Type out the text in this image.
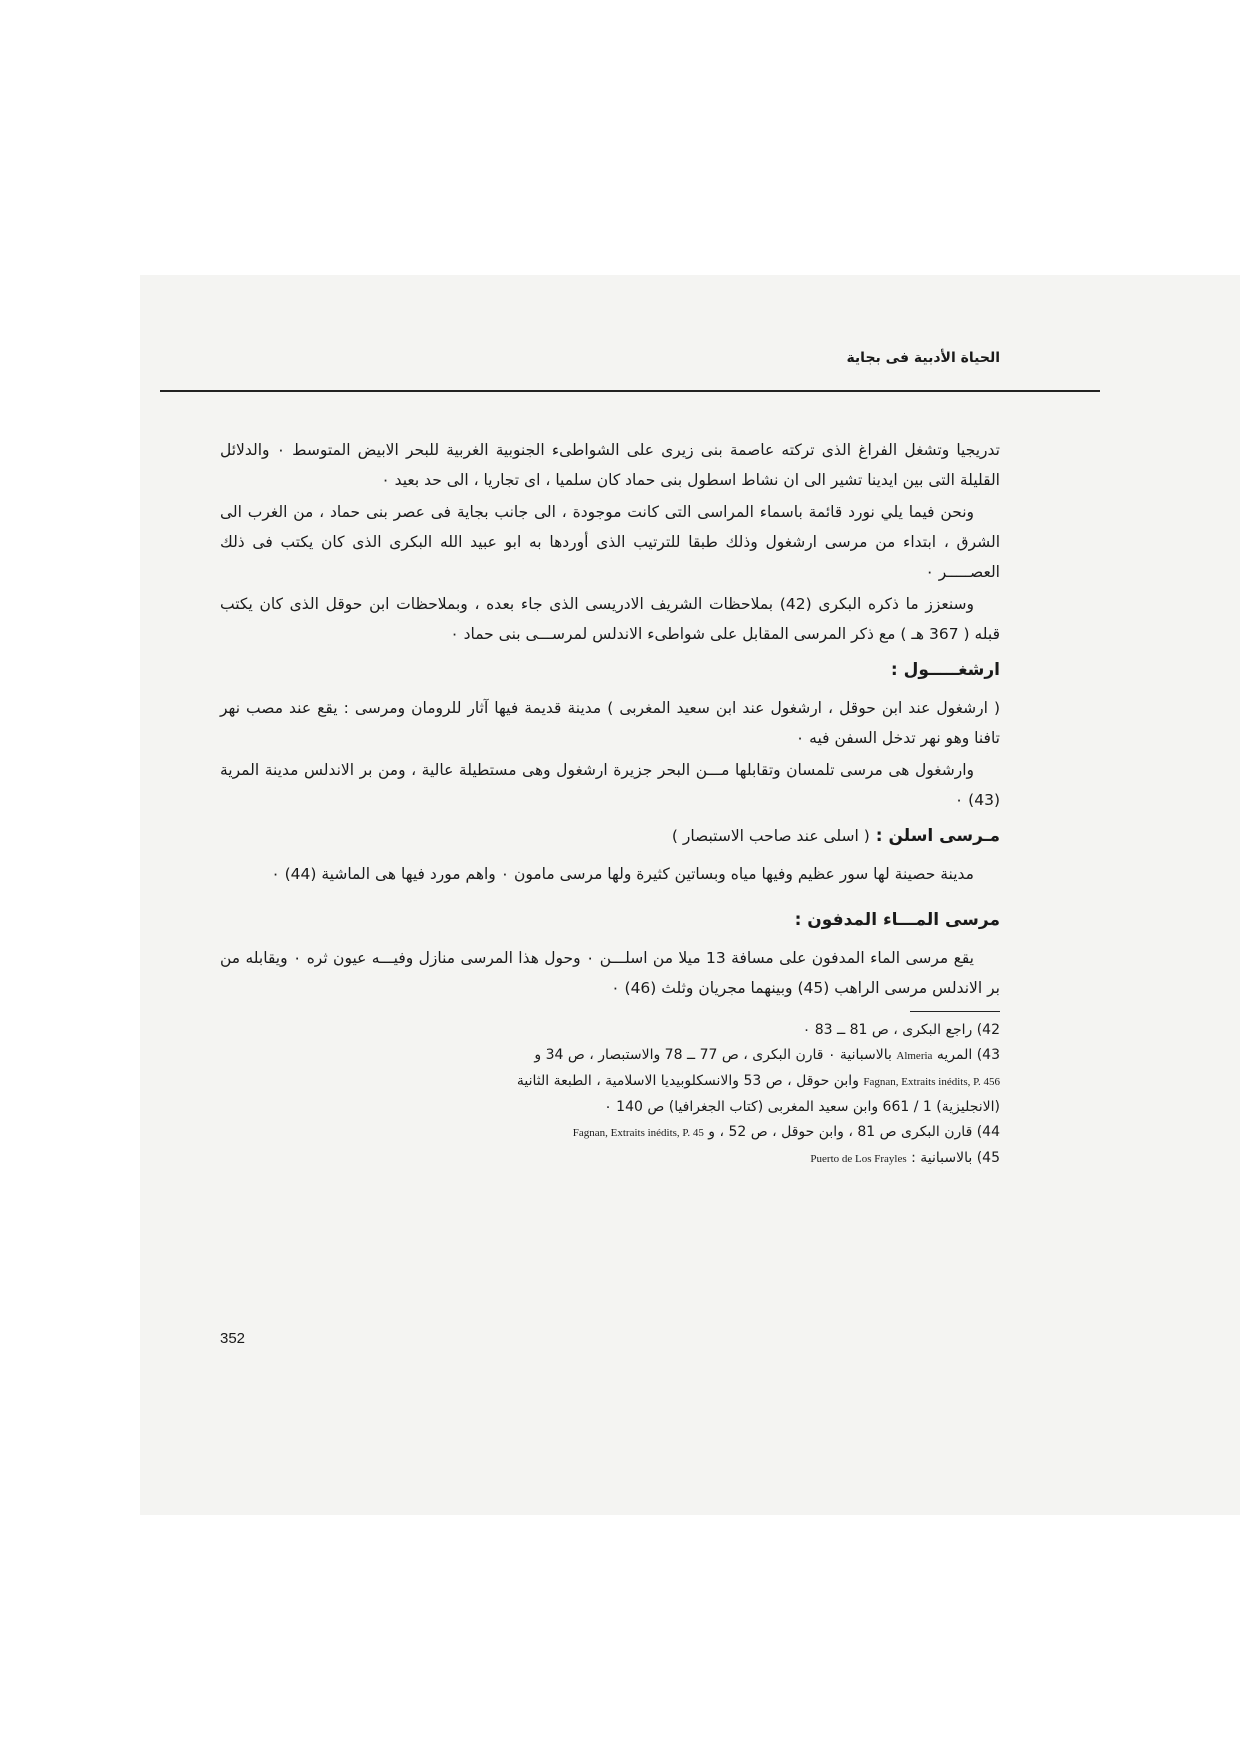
الحياة الأدبية فى بجاية

تدريجيا وتشغل الفراغ الذى تركته عاصمة بنى زيرى على الشواطىء الجنوبية الغربية للبحر الابيض المتوسط ٠ والدلائل القليلة التى بين ايدينا تشير الى ان نشاط اسطول بنى حماد كان سلميا ، اى تجاريا ، الى حد بعيد ٠

ونحن فيما يلي نورد قائمة باسماء المراسى التى كانت موجودة ، الى جانب بجاية فى عصر بنى حماد ، من الغرب الى الشرق ، ابتداء من مرسى ارشغول وذلك طبقا للترتيب الذى أوردها به ابو عبيد الله البكرى الذى كان يكتب فى ذلك العصـــــر ٠

وسنعزز ما ذكره البكرى (42) بملاحظات الشريف الادريسى الذى جاء بعده ، وبملاحظات ابن حوقل الذى كان يكتب قبله ( 367 هـ ) مع ذكر المرسى المقابل على شواطىء الاندلس لمرســـى بنى حماد ٠

ارشغـــــول :

( ارشغول عند ابن حوقل ، ارشغول عند ابن سعيد المغربى ) مدينة قديمة فيها آثار للرومان ومرسى : يقع عند مصب نهر تافنا وهو نهر تدخل السفن فيه ٠

وارشغول هى مرسى تلمسان وتقابلها مـــن البحر جزيرة ارشغول وهى مستطيلة عالية ، ومن بر الاندلس مدينة المرية (43) ٠

مـرسى اسلن : ( اسلى عند صاحب الاستبصار )

مدينة حصينة لها سور عظيم وفيها مياه وبساتين كثيرة ولها مرسى مامون ٠ واهم مورد فيها هى الماشية (44) ٠

مرسى المـــاء المدفون :

يقع مرسى الماء المدفون على مسافة 13 ميلا من اسلـــن ٠ وحول هذا المرسى منازل وفيـــه عيون ثره ٠ ويقابله من بر الاندلس مرسى الراهب (45) وبينهما مجريان وثلث (46) ٠

42) راجع البكرى ، ص 81 ــ 83 ٠
43) المريه Almeria بالاسبانية ٠ قارن البكرى ، ص 77 ــ 78 والاستبصار ، ص 34 و
Fagnan, Extraits inédits, P. 456 وابن حوقل ، ص 53 والانسكلوبيديا الاسلامية ، الطبعة الثانية
(الانجليزية) 1 / 661 وابن سعيد المغربى (كتاب الجغرافيا) ص 140 ٠
44) قارن البكرى ص 81 ، وابن حوقل ، ص 52 ، و Fagnan, Extraits inédits, P. 45
45) بالاسبانية : Puerto de Los Frayles
352
